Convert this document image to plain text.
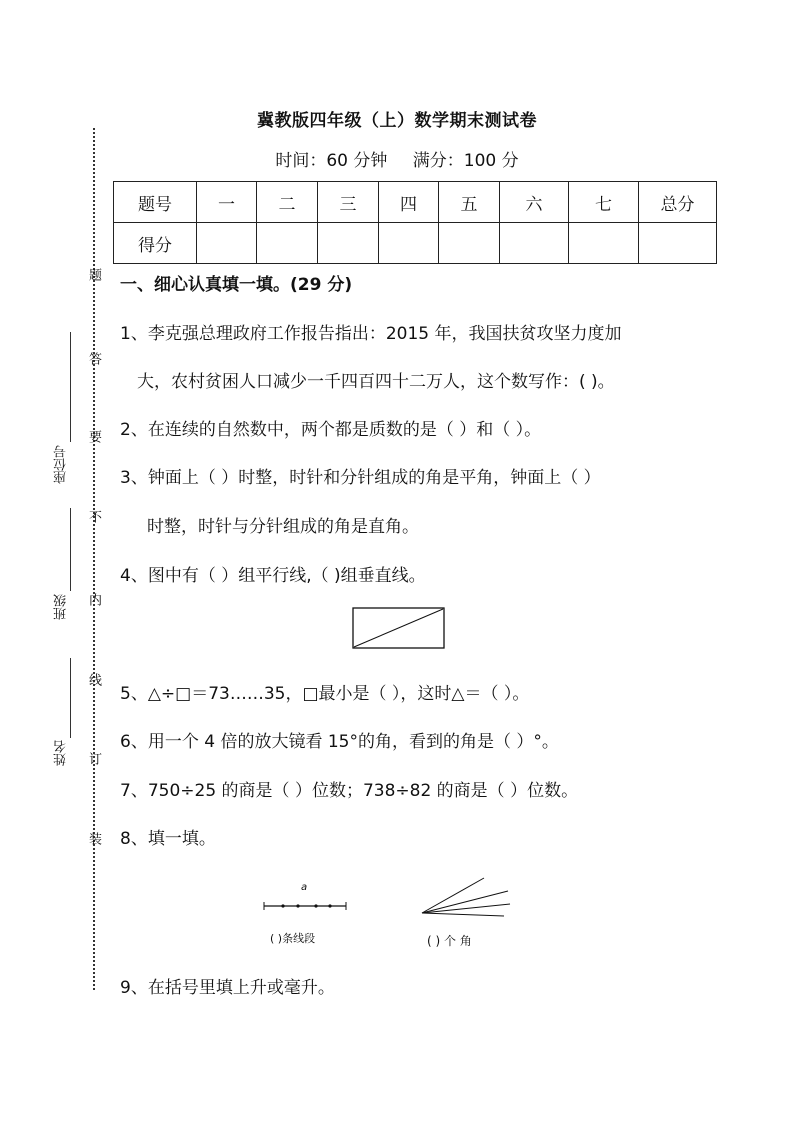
题
答
要
不
内
线
订
装
座位号
班级
姓名
冀教版四年级（上）数学期末测试卷
时间：60 分钟 满分：100 分
题号	一	二	三	四	五	六	七	总分
得分								
一、细心认真填一填。(29 分)
1、李克强总理政府工作报告指出：2015 年，我国扶贫攻坚力度加
大，农村贫困人口减少一千四百四十二万人，这个数写作：( )。
2、在连续的自然数中，两个都是质数的是（ ）和（ ）。
3、钟面上（ ）时整，时针和分针组成的角是平角，钟面上（ ）
时整，时针与分针组成的角是直角。
4、图中有（ ）组平行线,（ )组垂直线。
5、△÷□＝73……35，□最小是（ ），这时△＝（ ）。
6、用一个 4 倍的放大镜看 15°的角，看到的角是（ ）°。
7、750÷25 的商是（ ）位数；738÷82 的商是（ ）位数。
8、填一填。
a
( )条线段	( ) 个 角
9、在括号里填上升或毫升。
